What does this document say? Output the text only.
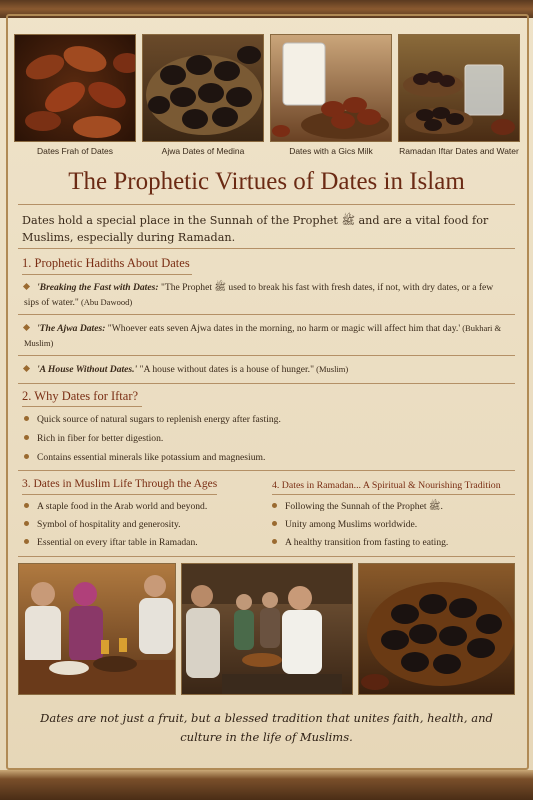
Dates Frah of Dates	Ajwa Dates of Medina	Dates with a Gics Milk	Ramadan Iftar Dates and Water
The Prophetic Virtues of Dates in Islam
Dates hold a special place in the Sunnah of the Prophet ﷺ and are a vital food for Muslims, especially during Ramadan.
1. Prophetic Hadiths About Dates
'Breaking the Fast with Dates: "The Prophet ﷺ used to break his fast with fresh dates, if not, with dry dates, or a few sips of water." (Abu Dawood)
'The Ajwa Dates: "Whoever eats seven Ajwa dates in the morning, no harm or magic will affect him that day.' (Bukhari & Muslim)
'A House Without Dates.' "A house without dates is a house of hunger." (Muslim)
2. Why Dates for Iftar?
Quick source of natural sugars to replenish energy after fasting.
Rich in fiber for better digestion.
Contains essential minerals like potassium and magnesium.
3. Dates in Muslim Life Through the Ages
A staple food in the Arab world and beyond.
Symbol of hospitality and generosity.
Essential on every iftar table in Ramadan.
4. Dates in Ramadan... A Spiritual & Nourishing Tradition
Following the Sunnah of the Prophet ﷺ.
Unity among Muslims worldwide.
A healthy transition from fasting to eating.
Dates are not just a fruit, but a blessed tradition that unites faith, health, and culture in the life of Muslims.
